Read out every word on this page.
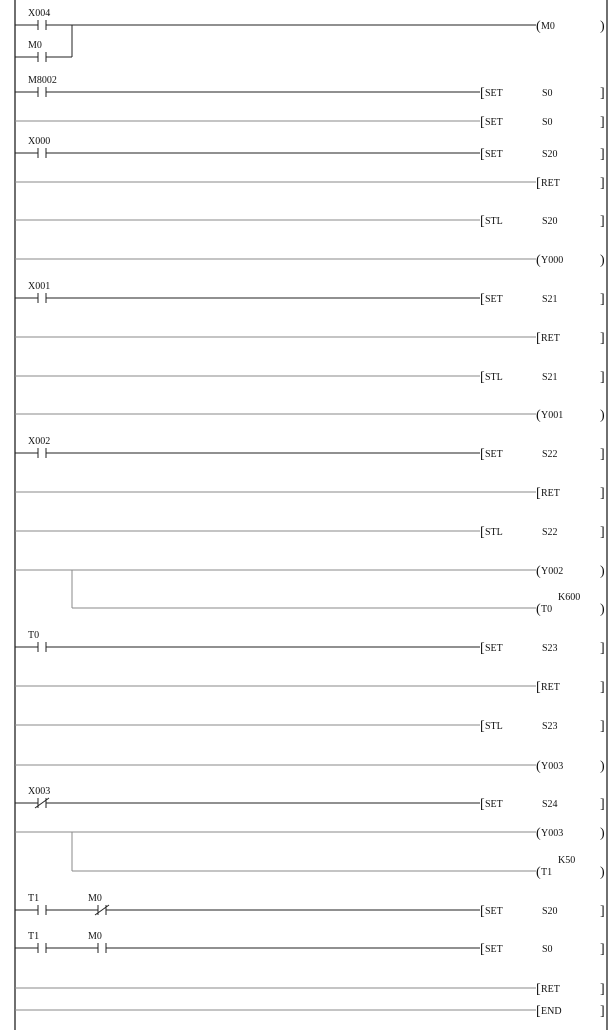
X004
M0
( M0	)
M8002
[ SET	S0	]
[ SET	S0	]
X000
[ SET	S20	]
[ RET	]
[ STL	S20	]
( Y000	)
X001
[ SET	S21	]
[ RET	]
[ STL	S21	]
( Y001	)
X002
[ SET	S22	]
[ RET	]
[ STL	S22	]
( Y002	)
( T0	)
K600
T0
[ SET	S23	]
[ RET	]
[ STL	S23	]
( Y003	)
X003
[ SET	S24	]
( Y003	)
( T1	)
K50
T1	M0
[ SET	S20	]
T1	M0
[ SET	S0	]
[ RET	]
[ END	]
